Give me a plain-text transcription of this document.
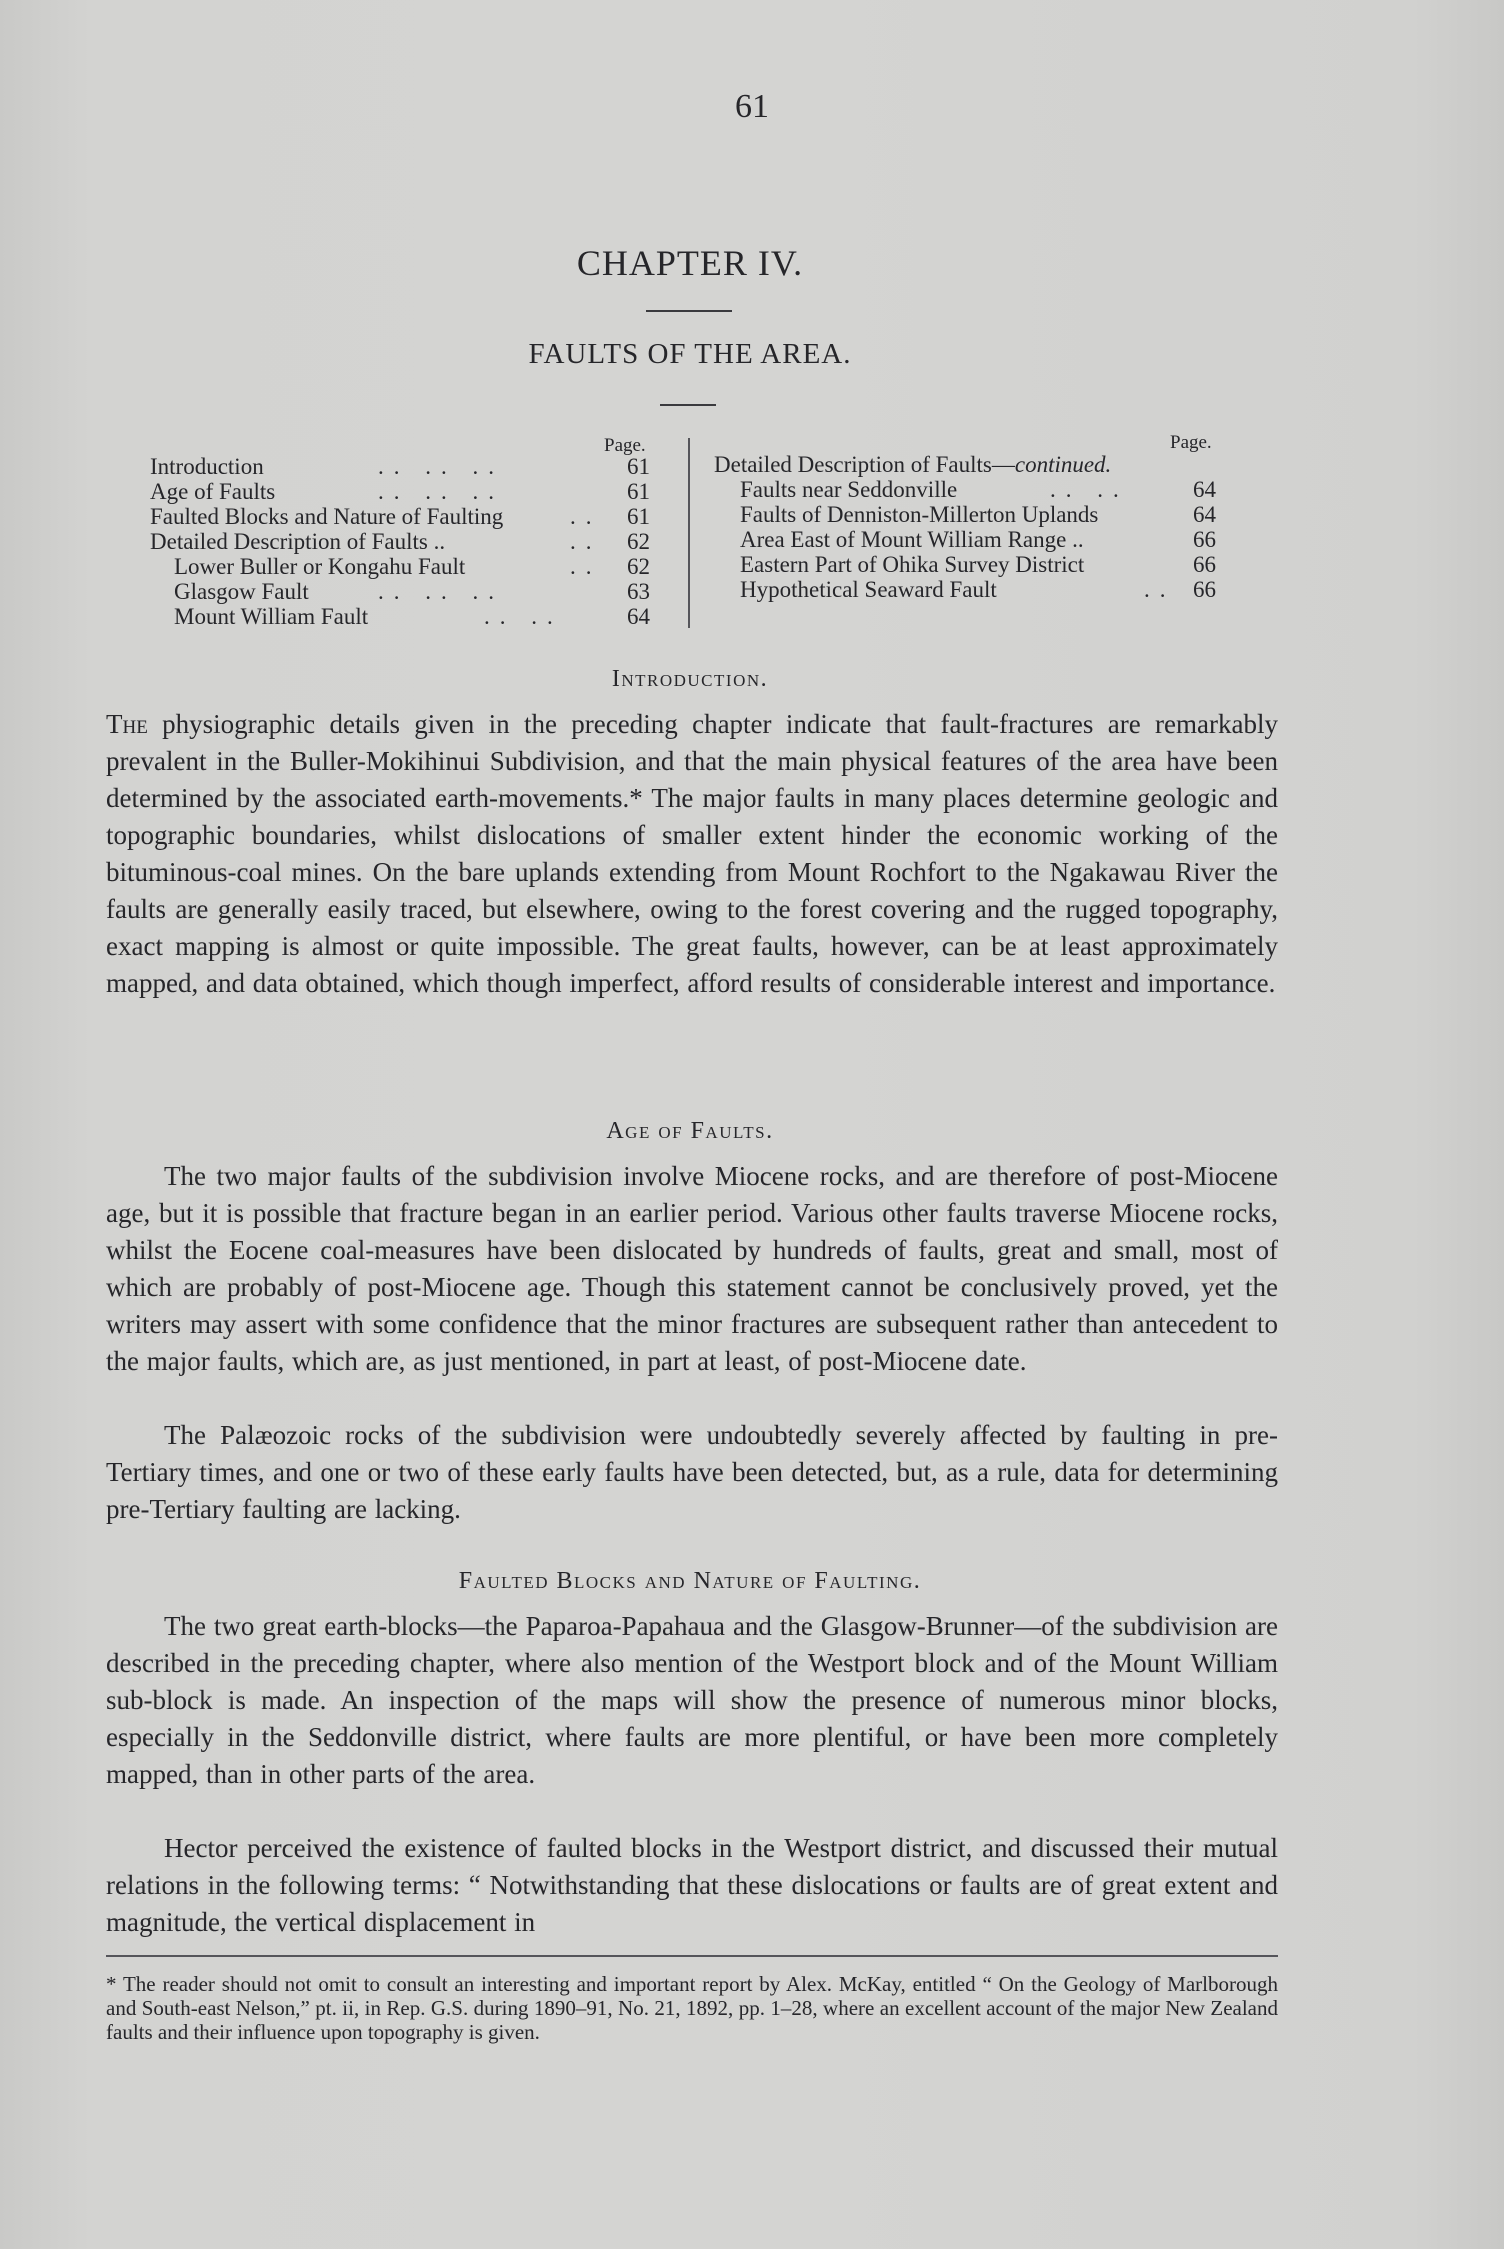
61

CHAPTER IV.

FAULTS OF THE AREA.

Page.	Page.
Introduction	.. .. ..	61
Age of Faults	.. .. ..	61
Faulted Blocks and Nature of Faulting	..	61
Detailed Description of Faults ..	..	62
Lower Buller or Kongahu Fault	..	62
Glasgow Fault	.. .. ..	63
Mount William Fault	.. ..	64
Detailed Description of Faults—continued.
Faults near Seddonville	.. ..	64
Faults of Denniston-Millerton Uplands	64
Area East of Mount William Range ..	66
Eastern Part of Ohika Survey District	66
Hypothetical Seaward Fault	.. 66

Introduction.

The physiographic details given in the preceding chapter indicate that fault-fractures are remarkably prevalent in the Buller-Mokihinui Subdivision, and that the main physical features of the area have been determined by the associated earth-movements.* The major faults in many places determine geologic and topographic boundaries, whilst dislocations of smaller extent hinder the economic working of the bituminous-coal mines. On the bare uplands extending from Mount Rochfort to the Ngakawau River the faults are generally easily traced, but elsewhere, owing to the forest covering and the rugged topography, exact mapping is almost or quite impossible. The great faults, however, can be at least approximately mapped, and data obtained, which though imperfect, afford results of considerable interest and importance.

Age of Faults.

The two major faults of the subdivision involve Miocene rocks, and are therefore of post-Miocene age, but it is possible that fracture began in an earlier period. Various other faults traverse Miocene rocks, whilst the Eocene coal-measures have been dislocated by hundreds of faults, great and small, most of which are probably of post-Miocene age. Though this statement cannot be conclusively proved, yet the writers may assert with some confidence that the minor fractures are subsequent rather than antecedent to the major faults, which are, as just mentioned, in part at least, of post-Miocene date.

The Palæozoic rocks of the subdivision were undoubtedly severely affected by faulting in pre-Tertiary times, and one or two of these early faults have been detected, but, as a rule, data for determining pre-Tertiary faulting are lacking.

Faulted Blocks and Nature of Faulting.

The two great earth-blocks—the Paparoa-Papahaua and the Glasgow-Brunner—of the subdivision are described in the preceding chapter, where also mention of the Westport block and of the Mount William sub-block is made. An inspection of the maps will show the presence of numerous minor blocks, especially in the Seddonville district, where faults are more plentiful, or have been more completely mapped, than in other parts of the area.

Hector perceived the existence of faulted blocks in the Westport district, and discussed their mutual relations in the following terms: “ Notwithstanding that these dislocations or faults are of great extent and magnitude, the vertical displacement in

* The reader should not omit to consult an interesting and important report by Alex. McKay, entitled “ On the Geology of Marlborough and South-east Nelson,” pt. ii, in Rep. G.S. during 1890–91, No. 21, 1892, pp. 1–28, where an excellent account of the major New Zealand faults and their influence upon topography is given.
